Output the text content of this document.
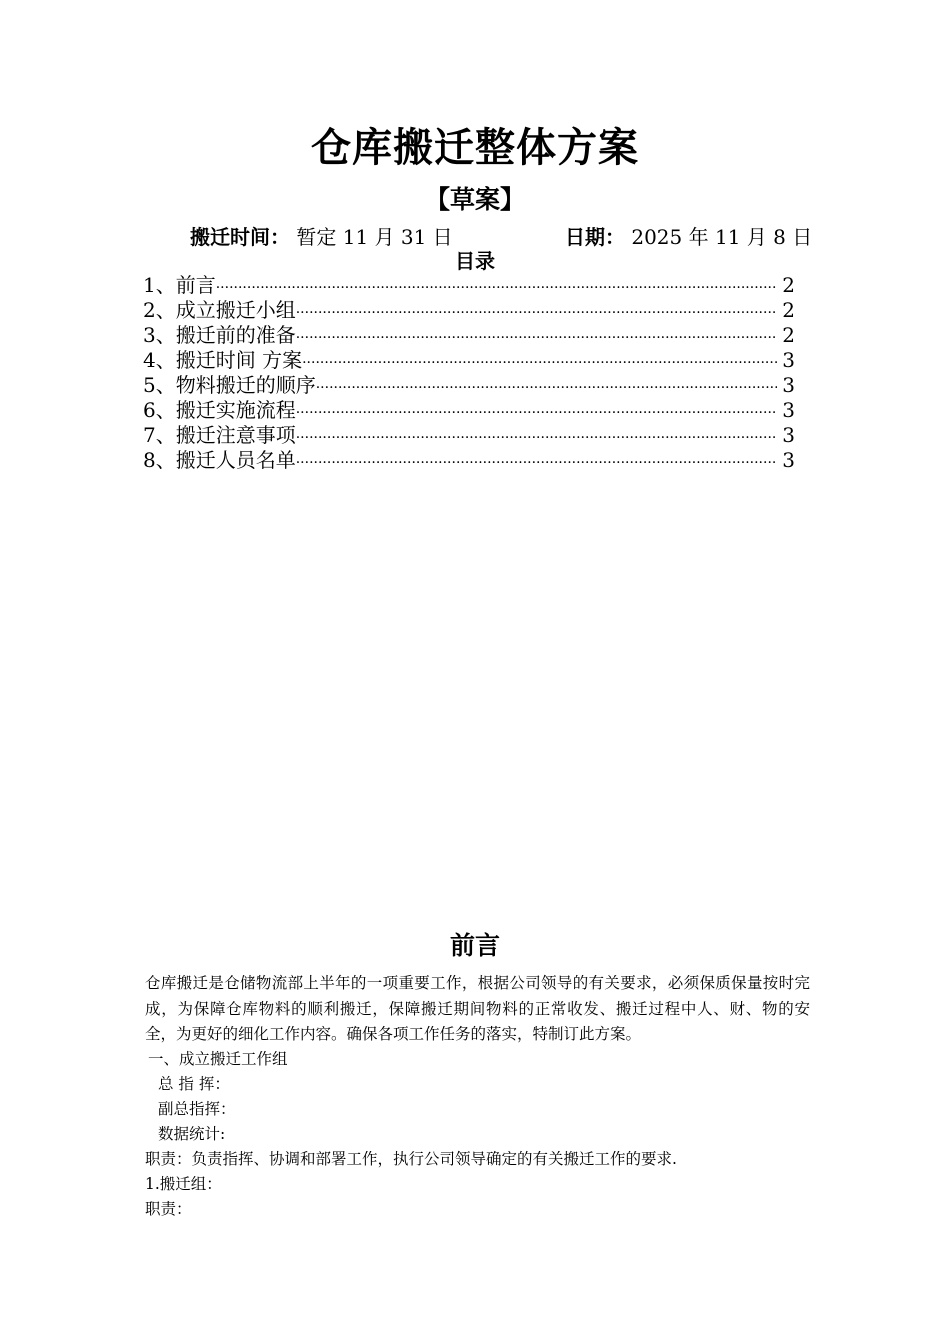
仓库搬迁整体方案
【草案】
搬迁时间： 暂定 11 月 31 日	日期： 2025 年 11 月 8 日
目录
1、前言 ·····	2
2、成立搬迁小组 ·····	2
3、搬迁前的准备 ·····	2
4、搬迁时间 方案 ·····	3
5、物料搬迁的顺序 ·····	3
6、搬迁实施流程 ·····	3
7、搬迁注意事项 ·····	3
8、搬迁人员名单 ·····	3
前言
仓库搬迁是仓储物流部上半年的一项重要工作，根据公司领导的有关要求，必须保质保量按时完成，为保障仓库物料的顺利搬迁，保障搬迁期间物料的正常收发、搬迁过程中人、财、物的安全，为更好的细化工作内容。确保各项工作任务的落实，特制订此方案。
一、成立搬迁工作组
总 指 挥：
副总指挥：
数据统计:
职责：负责指挥、协调和部署工作，执行公司领导确定的有关搬迁工作的要求.
1.搬迁组：
职责：
